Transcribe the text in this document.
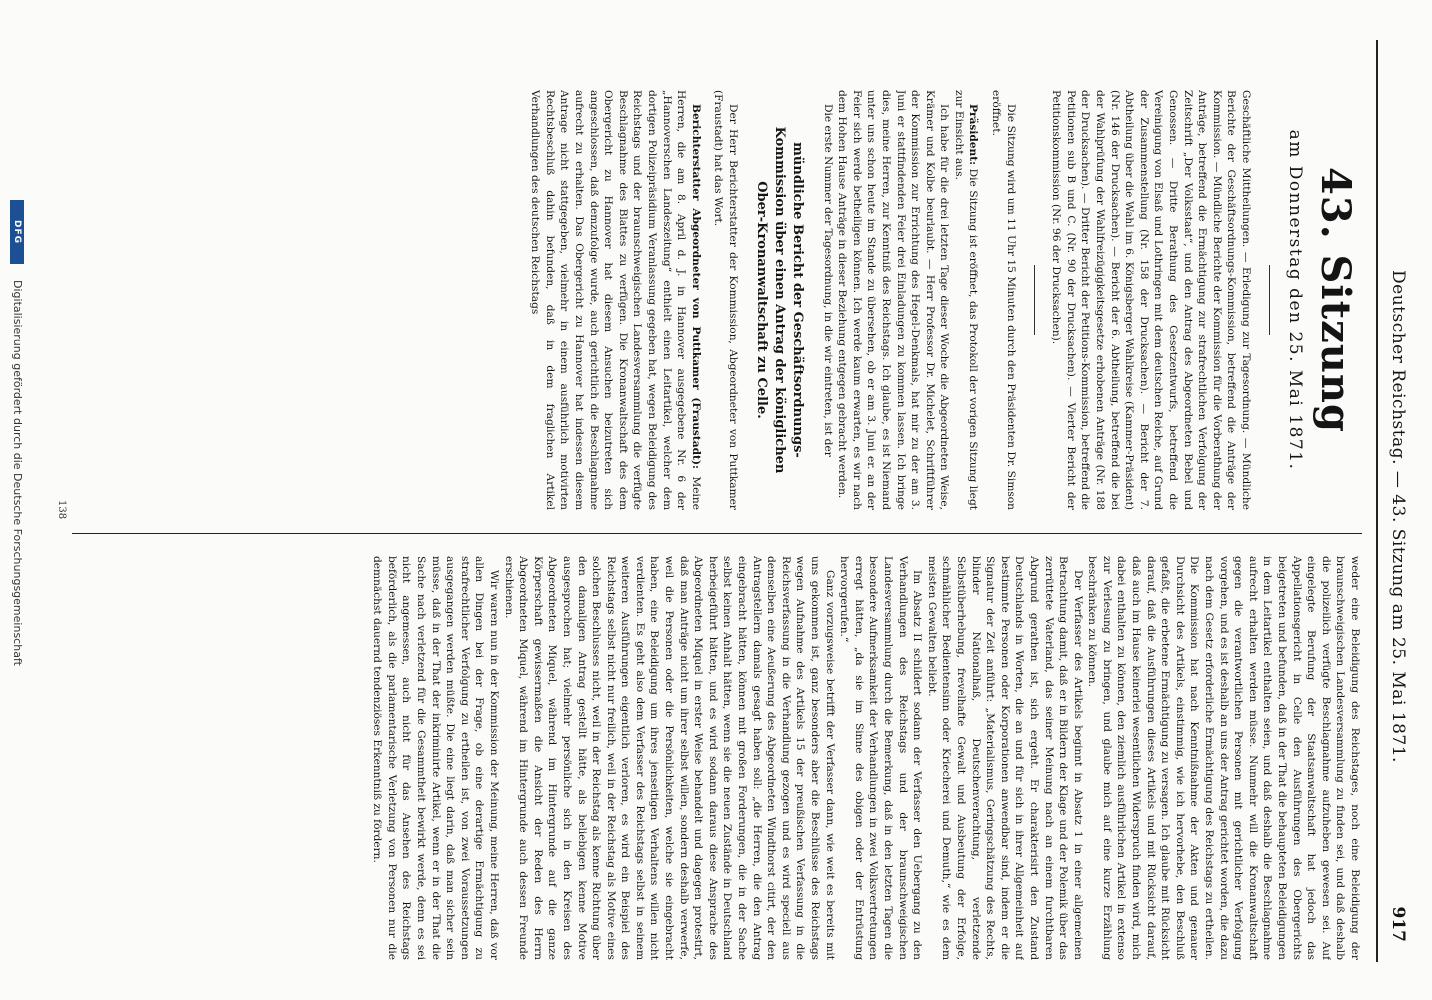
Deutscher Reichstag. — 43. Sitzung am 25. Mai 1871.
917
43. Sitzung
am Donnerstag den 25. Mai 1871.

Geschäftliche Mittheilungen. — Erledigung zur Tagesordnung. — Mündliche Berichte der Geschäftsordnungs-Kommission, betreffend die Anträge der Kommission. — Mündliche Berichte der Kommission für die Vorberathung der Anträge, betreffend die Ermächtigung zur strafrechtlichen Verfolgung der Zeitschrift „Der Volksstaat“, und den Antrag des Abgeordneten Bebel und Genossen. — Dritte Berathung des Gesetzentwurfs, betreffend die Vereinigung von Elsaß und Lothringen mit dem deutschen Reiche, auf Grund der Zusammenstellung (Nr. 158 der Drucksachen). — Bericht der 7. Abtheilung über die Wahl im 6. Königsberger Wahlkreise (Kammer-Präsident) (Nr. 146 der Drucksachen). — Bericht der 6. Abtheilung, betreffend die bei der Wahlprüfung der Wahlfreizügigkeitsgesetze erhobenen Anträge (Nr. 188 der Drucksachen). — Dritter Bericht der Petitions-Kommission, betreffend die Petitionen sub B und C. (Nr. 90 der Drucksachen). — Vierter Bericht der Petitionskommission (Nr. 96 der Drucksachen).

Die Sitzung wird um 11 Uhr 15 Minuten durch den Präsidenten Dr. Simson eröffnet.

Präsident: Die Sitzung ist eröffnet, das Protokoll der vorigen Sitzung liegt zur Einsicht aus.

Ich habe für die drei letzten Tage dieser Woche die Abgeordneten Weise, Krämer und Kolbe beurlaubt. — Herr Professor Dr. Michelet, Schriftführer der Kommission zur Errichtung des Hegel-Denkmals, hat mir zu der am 3. Juni er stattfindenden Feier drei Einladungen zu kommen lassen. Ich bringe dies, meine Herren, zur Kenntniß des Reichstags. Ich glaube, es ist Niemand unter uns schon heute im Stande zu übersehen, ob er am 3. Juni er. an der Feier sich werde betheiligen können. Ich werde kaum erwarten, es wir nach dem Hohen Hause Anträge in dieser Beziehung entgegen gebracht werden.

Die erste Nummer der Tagesordnung, in die wir eintreten, ist der

mündliche Bericht der Geschäftsordnungs-Kommission über einen Antrag der königlichen Ober-Kronanwaltschaft zu Celle.

Der Herr Berichterstatter der Kommission, Abgeordneter von Puttkamer (Fraustadt) hat das Wort.

Berichterstatter Abgeordneter von Puttkamer (Fraustadt): Meine Herren, die am 8. April d. J. in Hannover ausgegebene Nr. 6 der „Hannoverschen Landeszeitung“ enthielt einen Leitartikel, welcher dem dortigen Polizeipräsidium Veranlassung gegeben hat, wegen Beleidigung des Reichstags und der braunschweigischen Landesversammlung die verfügte Beschlagnahme des Blattes zu verfügen. Die Kronanwaltschaft des dem Obergericht zu Hannover hat diesem Ansuchen beizutreten sich angeschlossen, daß demzufolge wurde, auch gerichtlich die Beschlagnahme aufrecht zu erhalten. Das Obergericht zu Hannover hat indessen diesem Antrage nicht stattgegeben, vielmehr in einem ausführlich motivirten Rechtsbeschluß dahin befunden, daß in dem fraglichen Artikel Verhandlungen des deutschen Reichstags

weder eine Beleidigung des Reichstages, noch eine Beleidigung der braunschweigischen Landesversammlung zu finden sei, und daß deshalb die polizeilich verfügte Beschlagnahme aufzuheben gewesen sei. Auf eingelegte Berufung der Staatsanwaltschaft hat jedoch das Appellationsgericht in Celle den Ausführungen des Obergerichts beigetreten und befunden, daß in der That die behaupteten Beleidigungen in dem Leitartikel enthalten seien, und daß deshalb die Beschlagnahme aufrecht erhalten werden müsse. Nunmehr will die Kronanwaltschaft gegen die verantwortlichen Personen mit gerichtlicher Verfolgung vorgehen, und es ist deshalb an uns der Antrag gerichtet worden, die dazu nach dem Gesetz erforderliche Ermächtigung des Reichstags zu ertheilen. Die Kommission hat nach Kenntnißnahme der Akten und genauer Durchsicht des Artikels, einstimmig, wie ich hervorhebe, den Beschluß gefaßt, die erbetene Ermächtigung zu versagen. Ich glaube mit Rücksicht darauf, daß die Ausführungen dieses Artikels und mit Rücksicht darauf, daß auch im Hause keinerlei wesentlichen Widerspruch finden wird, mich dabei enthalten zu können, den ziemlich ausführlichen Artikel in extenso zur Verlesung zu bringen, und glaube mich auf eine kurze Erzählung beschränken zu können.

Der Verfasser des Artikels beginnt in Absatz 1 in einer allgemeinen Betrachtung damit, daß er in Bildern der Klage und der Polemik über das zerrüttete Vaterland, das seiner Meinung nach an einem furchtbaren Abgrund gerathen ist, sich ergeht. Er charakterisirt den Zustand Deutschlands in Worten, die an und für sich in ihrer Allgemeinheit auf bestimmte Personen oder Korporationen anwendbar sind, indem er die Signatur der Zeit anführt: „Materialismus, Geringschätzung des Rechts, blinder Nationalhaß, Deutschenverachtung, verletzende Selbstüberhebung, frevelhafte Gewalt und Ausbeutung der Erfolge, schmählicher Bedientensinn oder Kriecherei und Demuth,“ wie es dem meisten Gewalten beliebt.

Im Absatz II schildert sodann der Verfasser den Uebergang zu den Verhandlungen des Reichstags und der braunschweigischen Landesversammlung durch die Bemerkung, daß in den letzten Tagen die besondere Aufmerksamkeit der Verhandlungen in zwei Volksvertretungen erregt hätten, „da sie im Sinne des obigen oder der Entrüstung hervorgerufen.“

Ganz vorzugsweise betrifft der Verfasser dann, wie weit es bereits mit uns gekommen ist, ganz besonders aber die Beschlüsse des Reichstags wegen Aufnahme des Artikels 15 der preußischen Verfassung in die Reichsverfassung in die Verhandlung gezogen und es wird speciell aus demselben eine Aeußerung des Abgeordneten Windthorst citirt, der den Antragstellern damals gesagt haben soll: „die Herren, die den Antrag eingebracht hätten, können mit großen Forderungen, die in der Sache selbst keinen Anhalt hätten, wenn sie die neuen Zustände in Deutschland herbeigeführt hätten, und es wird sodann daraus diese Ansprache des Abgeordneten Miquel in erster Weise behandelt und dagegen protestirt, daß man Anträge nicht um ihrer selbst willen, sondern deshalb verwerfe, weil die Personen oder die Persönlichkeiten, welche sie eingebracht haben, eine Beleidigung um ihres jenseitigen Verhaltens willen nicht verdienten. Es geht also dem Verfasser des Reichstags selbst in seinem weiteren Ausführungen eigentlich verloren, es wird ein Beispiel des Reichstags selbst nicht nur freilich, weil in der Reichstag als Motive eines solchen Beschlusses nicht, weil in der Reichstag als kenne Richtung über den damaligen Antrag gestellt hätte, als beliebigen kenne Motive ausgesprochen hat; vielmehr persönliche sich in den Kreisen des Abgeordneten Miquel, während im Hintergrunde auf die ganze Körperschaft gewissermaßen die Ansicht der Reden des Herrn Abgeordneten Miquel, während im Hintergrunde auch dessen Freunde erschienen.

Wir waren nun in der Kommission der Meinung, meine Herren, daß vor allen Dingen bei der Frage, ob eine derartige Ermächtigung zu strafrechtlicher Verfolgung zu ertheilen ist, von zwei Voraussetzungen ausgegangen werden müßte. Die eine liegt darin, daß man sicher sein müsse, daß in der That der inkriminirte Artikel, wenn er in der That die Sache nach verletzend für die Gesammtheit bewirkt werde, denn es sei nicht angemessen, auch nicht für das Ansehen des Reichstags beförderlich, als die parlamentarische Verletzung von Personen nur die demnächst dauernd tendenziöses Erkenntniß zu fördern.

138
DFG
Digitalisierung gefördert durch die Deutsche Forschungsgemeinschaft
